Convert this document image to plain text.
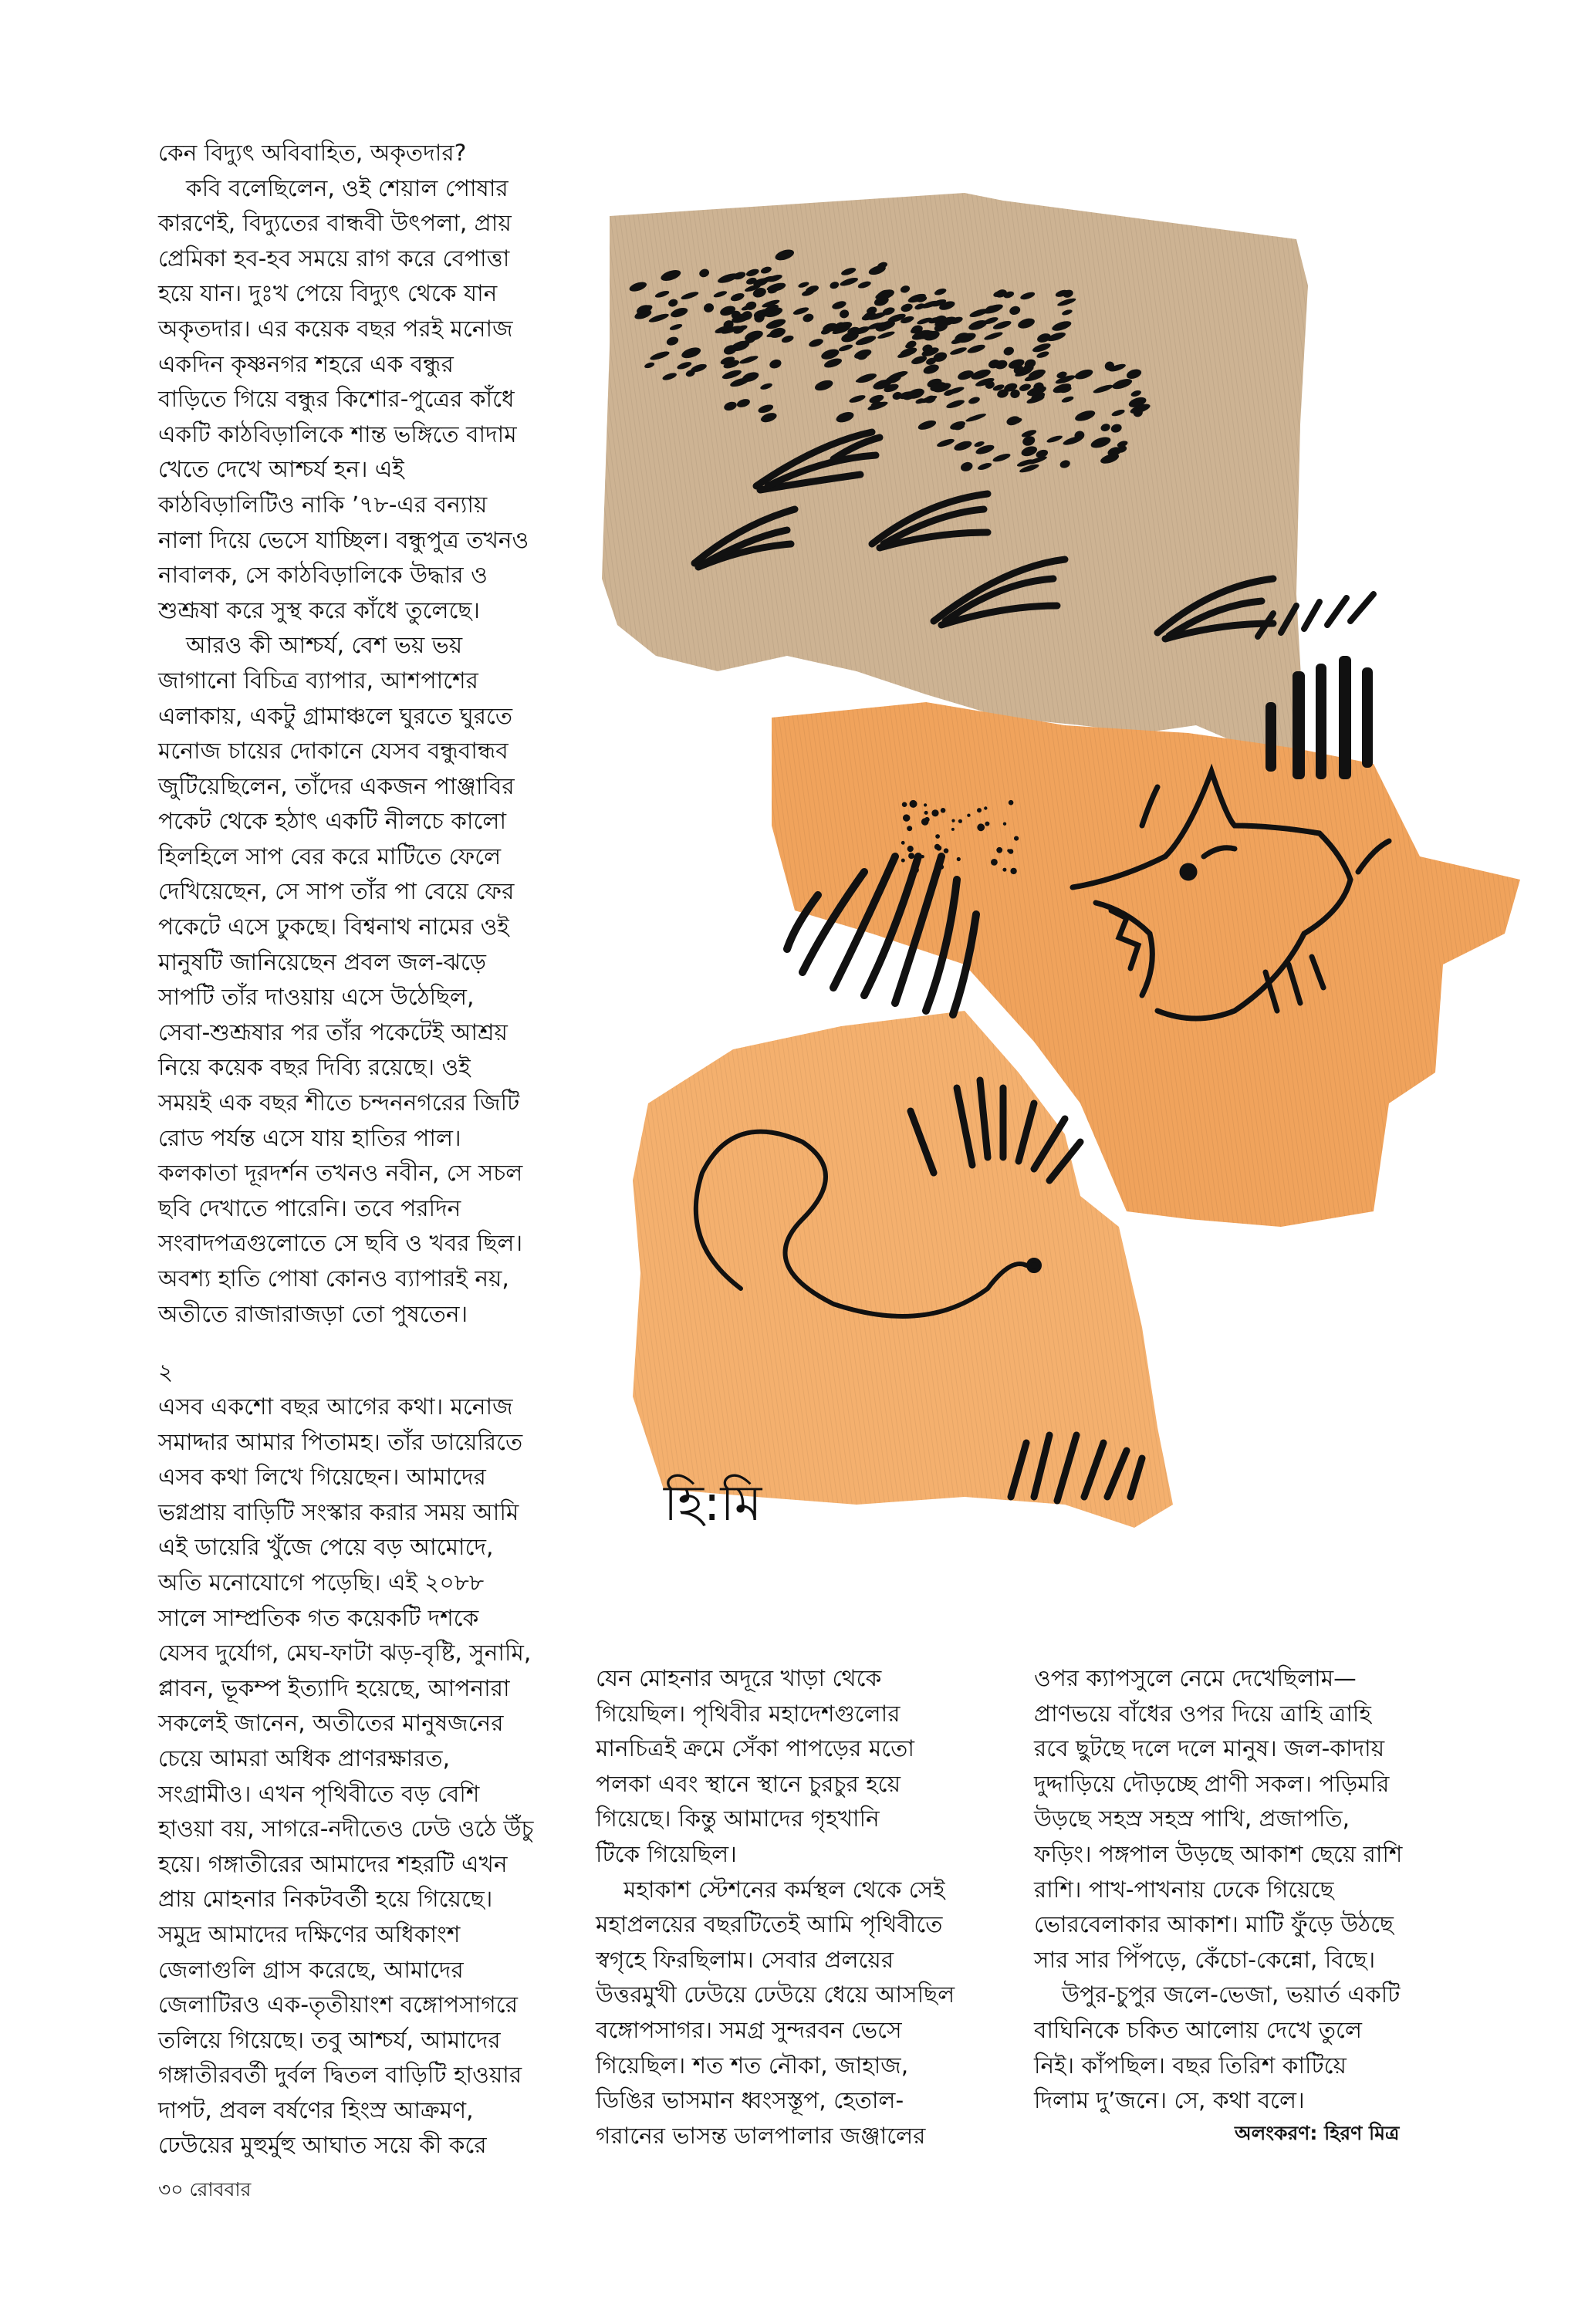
কেন বিদ্যুৎ অবিবাহিত, অকৃতদার?
কবি বলেছিলেন, ওই শেয়াল পোষার
কারণেই, বিদ্যুতের বান্ধবী উৎপলা, প্রায়
প্রেমিকা হব-হব সময়ে রাগ করে বেপাত্তা
হয়ে যান। দুঃখ পেয়ে বিদ্যুৎ থেকে যান
অকৃতদার। এর কয়েক বছর পরই মনোজ
একদিন কৃষ্ণনগর শহরে এক বন্ধুর
বাড়িতে গিয়ে বন্ধুর কিশোর-পুত্রের কাঁধে
একটি কাঠবিড়ালিকে শান্ত ভঙ্গিতে বাদাম
খেতে দেখে আশ্চর্য হন। এই
কাঠবিড়ালিটিও নাকি ’৭৮-এর বন্যায়
নালা দিয়ে ভেসে যাচ্ছিল। বন্ধুপুত্র তখনও
নাবালক, সে কাঠবিড়ালিকে উদ্ধার ও
শুশ্রূষা করে সুস্থ করে কাঁধে তুলেছে।
আরও কী আশ্চর্য, বেশ ভয় ভয়
জাগানো বিচিত্র ব্যাপার, আশপাশের
এলাকায়, একটু গ্রামাঞ্চলে ঘুরতে ঘুরতে
মনোজ চায়ের দোকানে যেসব বন্ধুবান্ধব
জুটিয়েছিলেন, তাঁদের একজন পাঞ্জাবির
পকেট থেকে হঠাৎ একটি নীলচে কালো
হিলহিলে সাপ বের করে মাটিতে ফেলে
দেখিয়েছেন, সে সাপ তাঁর পা বেয়ে ফের
পকেটে এসে ঢুকছে। বিশ্বনাথ নামের ওই
মানুষটি জানিয়েছেন প্রবল জল-ঝড়ে
সাপটি তাঁর দাওয়ায় এসে উঠেছিল,
সেবা-শুশ্রূষার পর তাঁর পকেটেই আশ্রয়
নিয়ে কয়েক বছর দিব্যি রয়েছে। ওই
সময়ই এক বছর শীতে চন্দননগরের জিটি
রোড পর্যন্ত এসে যায় হাতির পাল।
কলকাতা দূরদর্শন তখনও নবীন, সে সচল
ছবি দেখাতে পারেনি। তবে পরদিন
সংবাদপত্রগুলোতে সে ছবি ও খবর ছিল।
অবশ্য হাতি পোষা কোনও ব্যাপারই নয়,
অতীতে রাজারাজড়া তো পুষতেন।
২
এসব একশো বছর আগের কথা। মনোজ
সমাদ্দার আমার পিতামহ। তাঁর ডায়েরিতে
এসব কথা লিখে গিয়েছেন। আমাদের
ভগ্নপ্রায় বাড়িটি সংস্কার করার সময় আমি
এই ডায়েরি খুঁজে পেয়ে বড় আমোদে,
অতি মনোযোগে পড়েছি। এই ২০৮৮
সালে সাম্প্রতিক গত কয়েকটি দশকে
যেসব দুর্যোগ, মেঘ-ফাটা ঝড়-বৃষ্টি, সুনামি,
প্লাবন, ভূকম্প ইত্যাদি হয়েছে, আপনারা
সকলেই জানেন, অতীতের মানুষজনের
চেয়ে আমরা অধিক প্রাণরক্ষারত,
সংগ্রামীও। এখন পৃথিবীতে বড় বেশি
হাওয়া বয়, সাগরে-নদীতেও ঢেউ ওঠে উঁচু
হয়ে। গঙ্গাতীরের আমাদের শহরটি এখন
প্রায় মোহনার নিকটবর্তী হয়ে গিয়েছে।
সমুদ্র আমাদের দক্ষিণের অধিকাংশ
জেলাগুলি গ্রাস করেছে, আমাদের
জেলাটিরও এক-তৃতীয়াংশ বঙ্গোপসাগরে
তলিয়ে গিয়েছে। তবু আশ্চর্য, আমাদের
গঙ্গাতীরবর্তী দুর্বল দ্বিতল বাড়িটি হাওয়ার
দাপট, প্রবল বর্ষণের হিংস্র আক্রমণ,
ঢেউয়ের মুহুর্মুহু আঘাত সয়ে কী করে
যেন মোহনার অদূরে খাড়া থেকে
গিয়েছিল। পৃথিবীর মহাদেশগুলোর
মানচিত্রই ক্রমে সেঁকা পাপড়ের মতো
পলকা এবং স্থানে স্থানে চুরচুর হয়ে
গিয়েছে। কিন্তু আমাদের গৃহখানি
টিকে গিয়েছিল।
মহাকাশ স্টেশনের কর্মস্থল থেকে সেই
মহাপ্রলয়ের বছরটিতেই আমি পৃথিবীতে
স্বগৃহে ফিরছিলাম। সেবার প্রলয়ের
উত্তরমুখী ঢেউয়ে ঢেউয়ে ধেয়ে আসছিল
বঙ্গোপসাগর। সমগ্র সুন্দরবন ভেসে
গিয়েছিল। শত শত নৌকা, জাহাজ,
ডিঙির ভাসমান ধ্বংসস্তূপ, হেতাল-
গরানের ভাসন্ত ডালপালার জঞ্জালের
ওপর ক্যাপসুলে নেমে দেখেছিলাম—
প্রাণভয়ে বাঁধের ওপর দিয়ে ত্রাহি ত্রাহি
রবে ছুটছে দলে দলে মানুষ। জল-কাদায়
দুদ্দাড়িয়ে দৌড়চ্ছে প্রাণী সকল। পড়িমরি
উড়ছে সহস্র সহস্র পাখি, প্রজাপতি,
ফড়িং। পঙ্গপাল উড়ছে আকাশ ছেয়ে রাশি
রাশি। পাখ-পাখনায় ঢেকে গিয়েছে
ভোরবেলাকার আকাশ। মাটি ফুঁড়ে উঠছে
সার সার পিঁপড়ে, কেঁচো-কেন্নো, বিছে।
উপুর-চুপুর জলে-ভেজা, ভয়ার্ত একটি
বাঘিনিকে চকিত আলোয় দেখে তুলে
নিই। কাঁপছিল। বছর তিরিশ কাটিয়ে
দিলাম দু’জনে। সে, কথা বলে।
হি:মি
অলংকরণ: হিরণ মিত্র
৩০ রোববার
